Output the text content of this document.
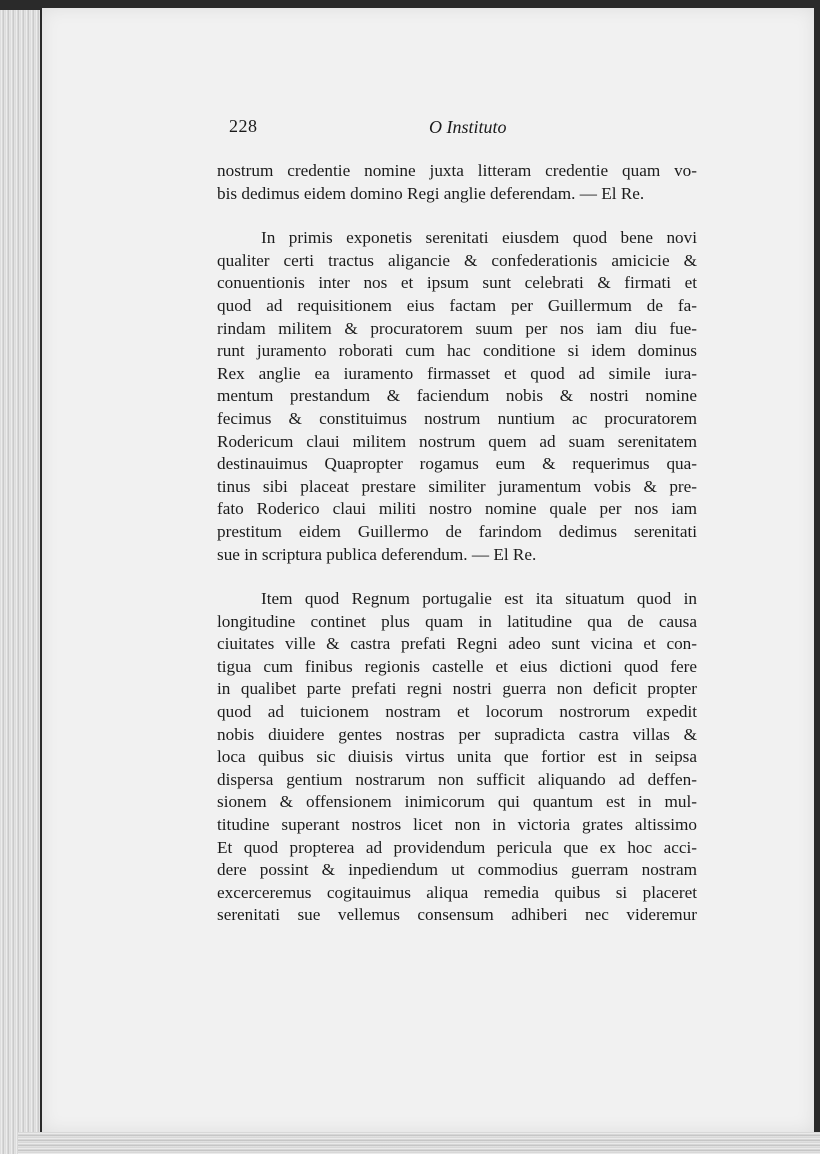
228	O Instituto
nostrum credentie nomine juxta litteram credentie quam vo-
bis dedimus eidem domino Regi anglie deferendam. — El Re.
In primis exponetis serenitati eiusdem quod bene novi
qualiter certi tractus aligancie & confederationis amicicie &
conuentionis inter nos et ipsum sunt celebrati & firmati et
quod ad requisitionem eius factam per Guillermum de fa-
rindam militem & procuratorem suum per nos iam diu fue-
runt juramento roborati cum hac conditione si idem dominus
Rex anglie ea iuramento firmasset et quod ad simile iura-
mentum prestandum & faciendum nobis & nostri nomine
fecimus & constituimus nostrum nuntium ac procuratorem
Rodericum claui militem nostrum quem ad suam serenitatem
destinauimus Quapropter rogamus eum & requerimus qua-
tinus sibi placeat prestare similiter juramentum vobis & pre-
fato Roderico claui militi nostro nomine quale per nos iam
prestitum eidem Guillermo de farindom dedimus serenitati
sue in scriptura publica deferendum. — El Re.
Item quod Regnum portugalie est ita situatum quod in
longitudine continet plus quam in latitudine qua de causa
ciuitates ville & castra prefati Regni adeo sunt vicina et con-
tigua cum finibus regionis castelle et eius dictioni quod fere
in qualibet parte prefati regni nostri guerra non deficit propter
quod ad tuicionem nostram et locorum nostrorum expedit
nobis diuidere gentes nostras per supradicta castra villas &
loca quibus sic diuisis virtus unita que fortior est in seipsa
dispersa gentium nostrarum non sufficit aliquando ad deffen-
sionem & offensionem inimicorum qui quantum est in mul-
titudine superant nostros licet non in victoria grates altissimo
Et quod propterea ad providendum pericula que ex hoc acci-
dere possint & inpediendum ut commodius guerram nostram
excerceremus cogitauimus aliqua remedia quibus si placeret
serenitati sue vellemus consensum adhiberi nec videremur
